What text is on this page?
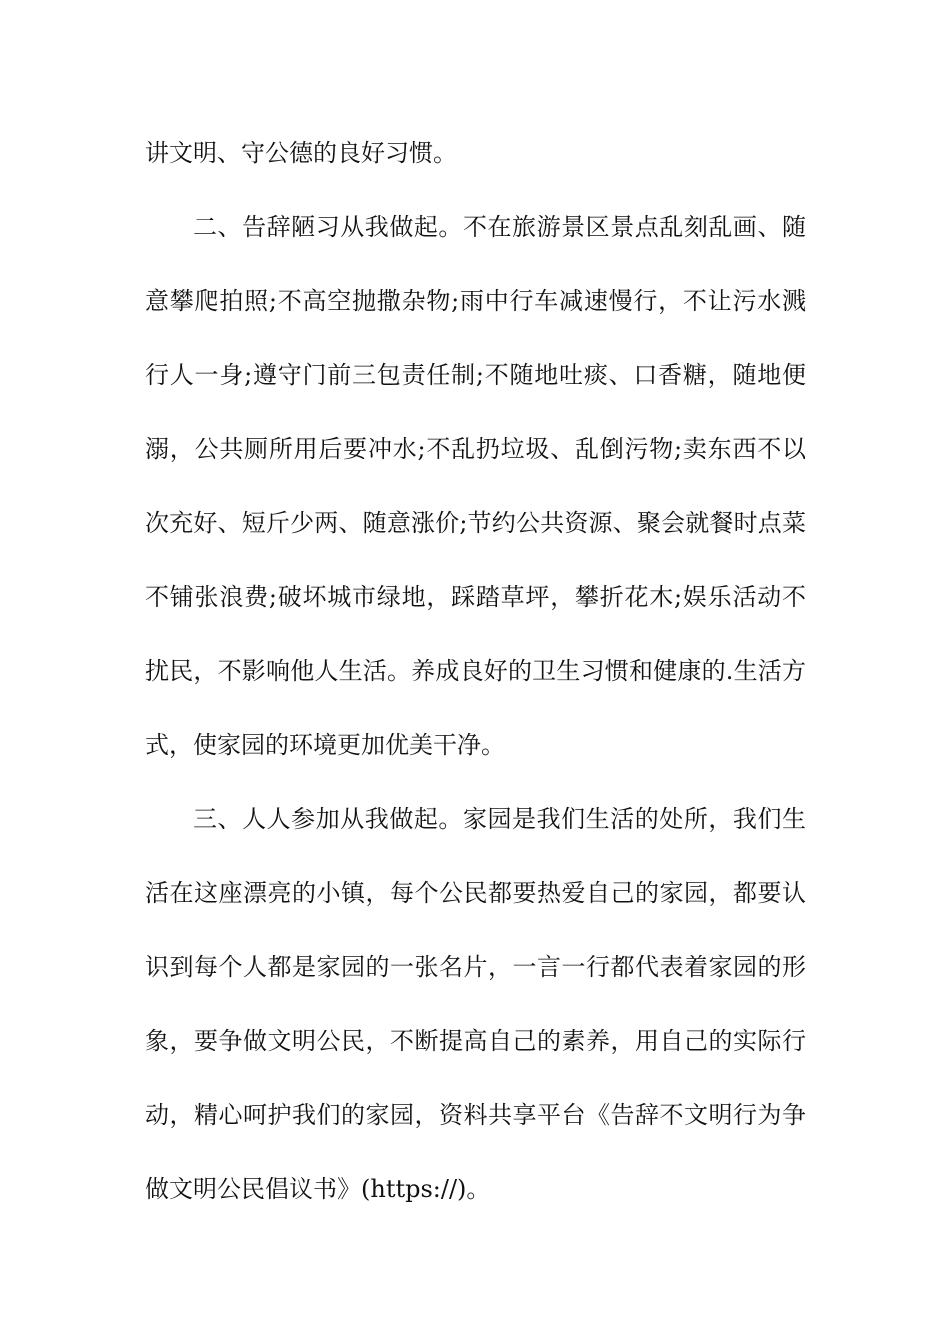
讲文明、守公德的良好习惯。
二、告辞陋习从我做起。不在旅游景区景点乱刻乱画、随
意攀爬拍照;不高空抛撒杂物;雨中行车减速慢行，不让污水溅
行人一身;遵守门前三包责任制;不随地吐痰、口香糖，随地便
溺，公共厕所用后要冲水;不乱扔垃圾、乱倒污物;卖东西不以
次充好、短斤少两、随意涨价;节约公共资源、聚会就餐时点菜
不铺张浪费;破坏城市绿地，踩踏草坪，攀折花木;娱乐活动不
扰民，不影响他人生活。养成良好的卫生习惯和健康的.生活方
式，使家园的环境更加优美干净。
三、人人参加从我做起。家园是我们生活的处所，我们生
活在这座漂亮的小镇，每个公民都要热爱自己的家园，都要认
识到每个人都是家园的一张名片，一言一行都代表着家园的形
象，要争做文明公民，不断提高自己的素养，用自己的实际行
动，精心呵护我们的家园，资料共享平台《告辞不文明行为争
做文明公民倡议书》(https://)。
